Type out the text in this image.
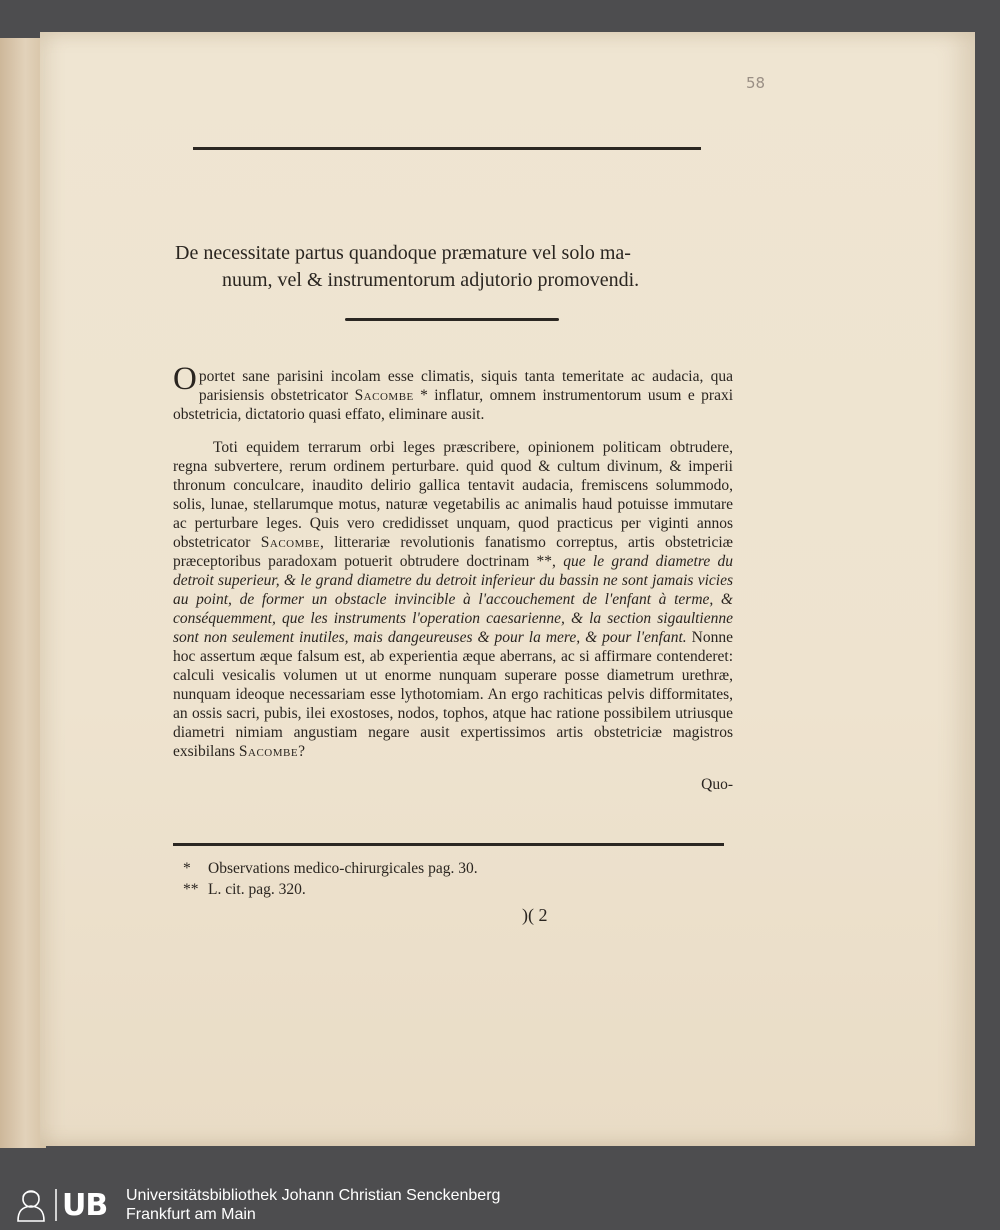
58
De necessitate partus quandoque præmature vel solo ma-
nuum, vel & instrumentorum adjutorio promovendi.

Oportet sane parisini incolam esse climatis, siquis tanta temeritate ac audacia, qua parisiensis obstetricator Sacombe * inflatur, omnem instrumentorum usum e praxi obstetricia, dictatorio quasi effato, eliminare ausit.

Toti equidem terrarum orbi leges præscribere, opinionem politicam obtrudere, regna subvertere, rerum ordinem perturbare. quid quod & cultum divinum, & imperii thronum conculcare, inaudito delirio gallica tentavit audacia, fremiscens solummodo, solis, lunae, stellarumque motus, naturæ vegetabilis ac animalis haud potuisse immutare ac perturbare leges. Quis vero credidisset unquam, quod practicus per viginti annos obstetricator Sacombe, litterariæ revolutionis fanatismo correptus, artis obstetriciæ præceptoribus paradoxam potuerit obtrudere doctrinam **, que le grand diametre du detroit superieur, & le grand diametre du detroit inferieur du bassin ne sont jamais vicies au point, de former un obstacle invincible à l'accouchement de l'enfant à terme, & conséquemment, que les instruments l'operation caesarienne, & la section sigaultienne sont non seulement inutiles, mais dangeureuses & pour la mere, & pour l'enfant. Nonne hoc assertum æque falsum est, ab experientia æque aberrans, ac si affirmare contenderet: calculi vesicalis volumen ut ut enorme nunquam superare posse diametrum urethræ, nunquam ideoque necessariam esse lythotomiam. An ergo rachiticas pelvis difformitates, an ossis sacri, pubis, ilei exostoses, nodos, tophos, atque hac ratione possibilem utriusque diametri nimiam angustiam negare ausit expertissimos artis obstetriciæ magistros exsibilans Sacombe?

Quo-

* Observations medico-chirurgicales pag. 30.
** L. cit. pag. 320.
)( 2
UB Universitätsbibliothek Johann Christian Senckenberg
Frankfurt am Main
